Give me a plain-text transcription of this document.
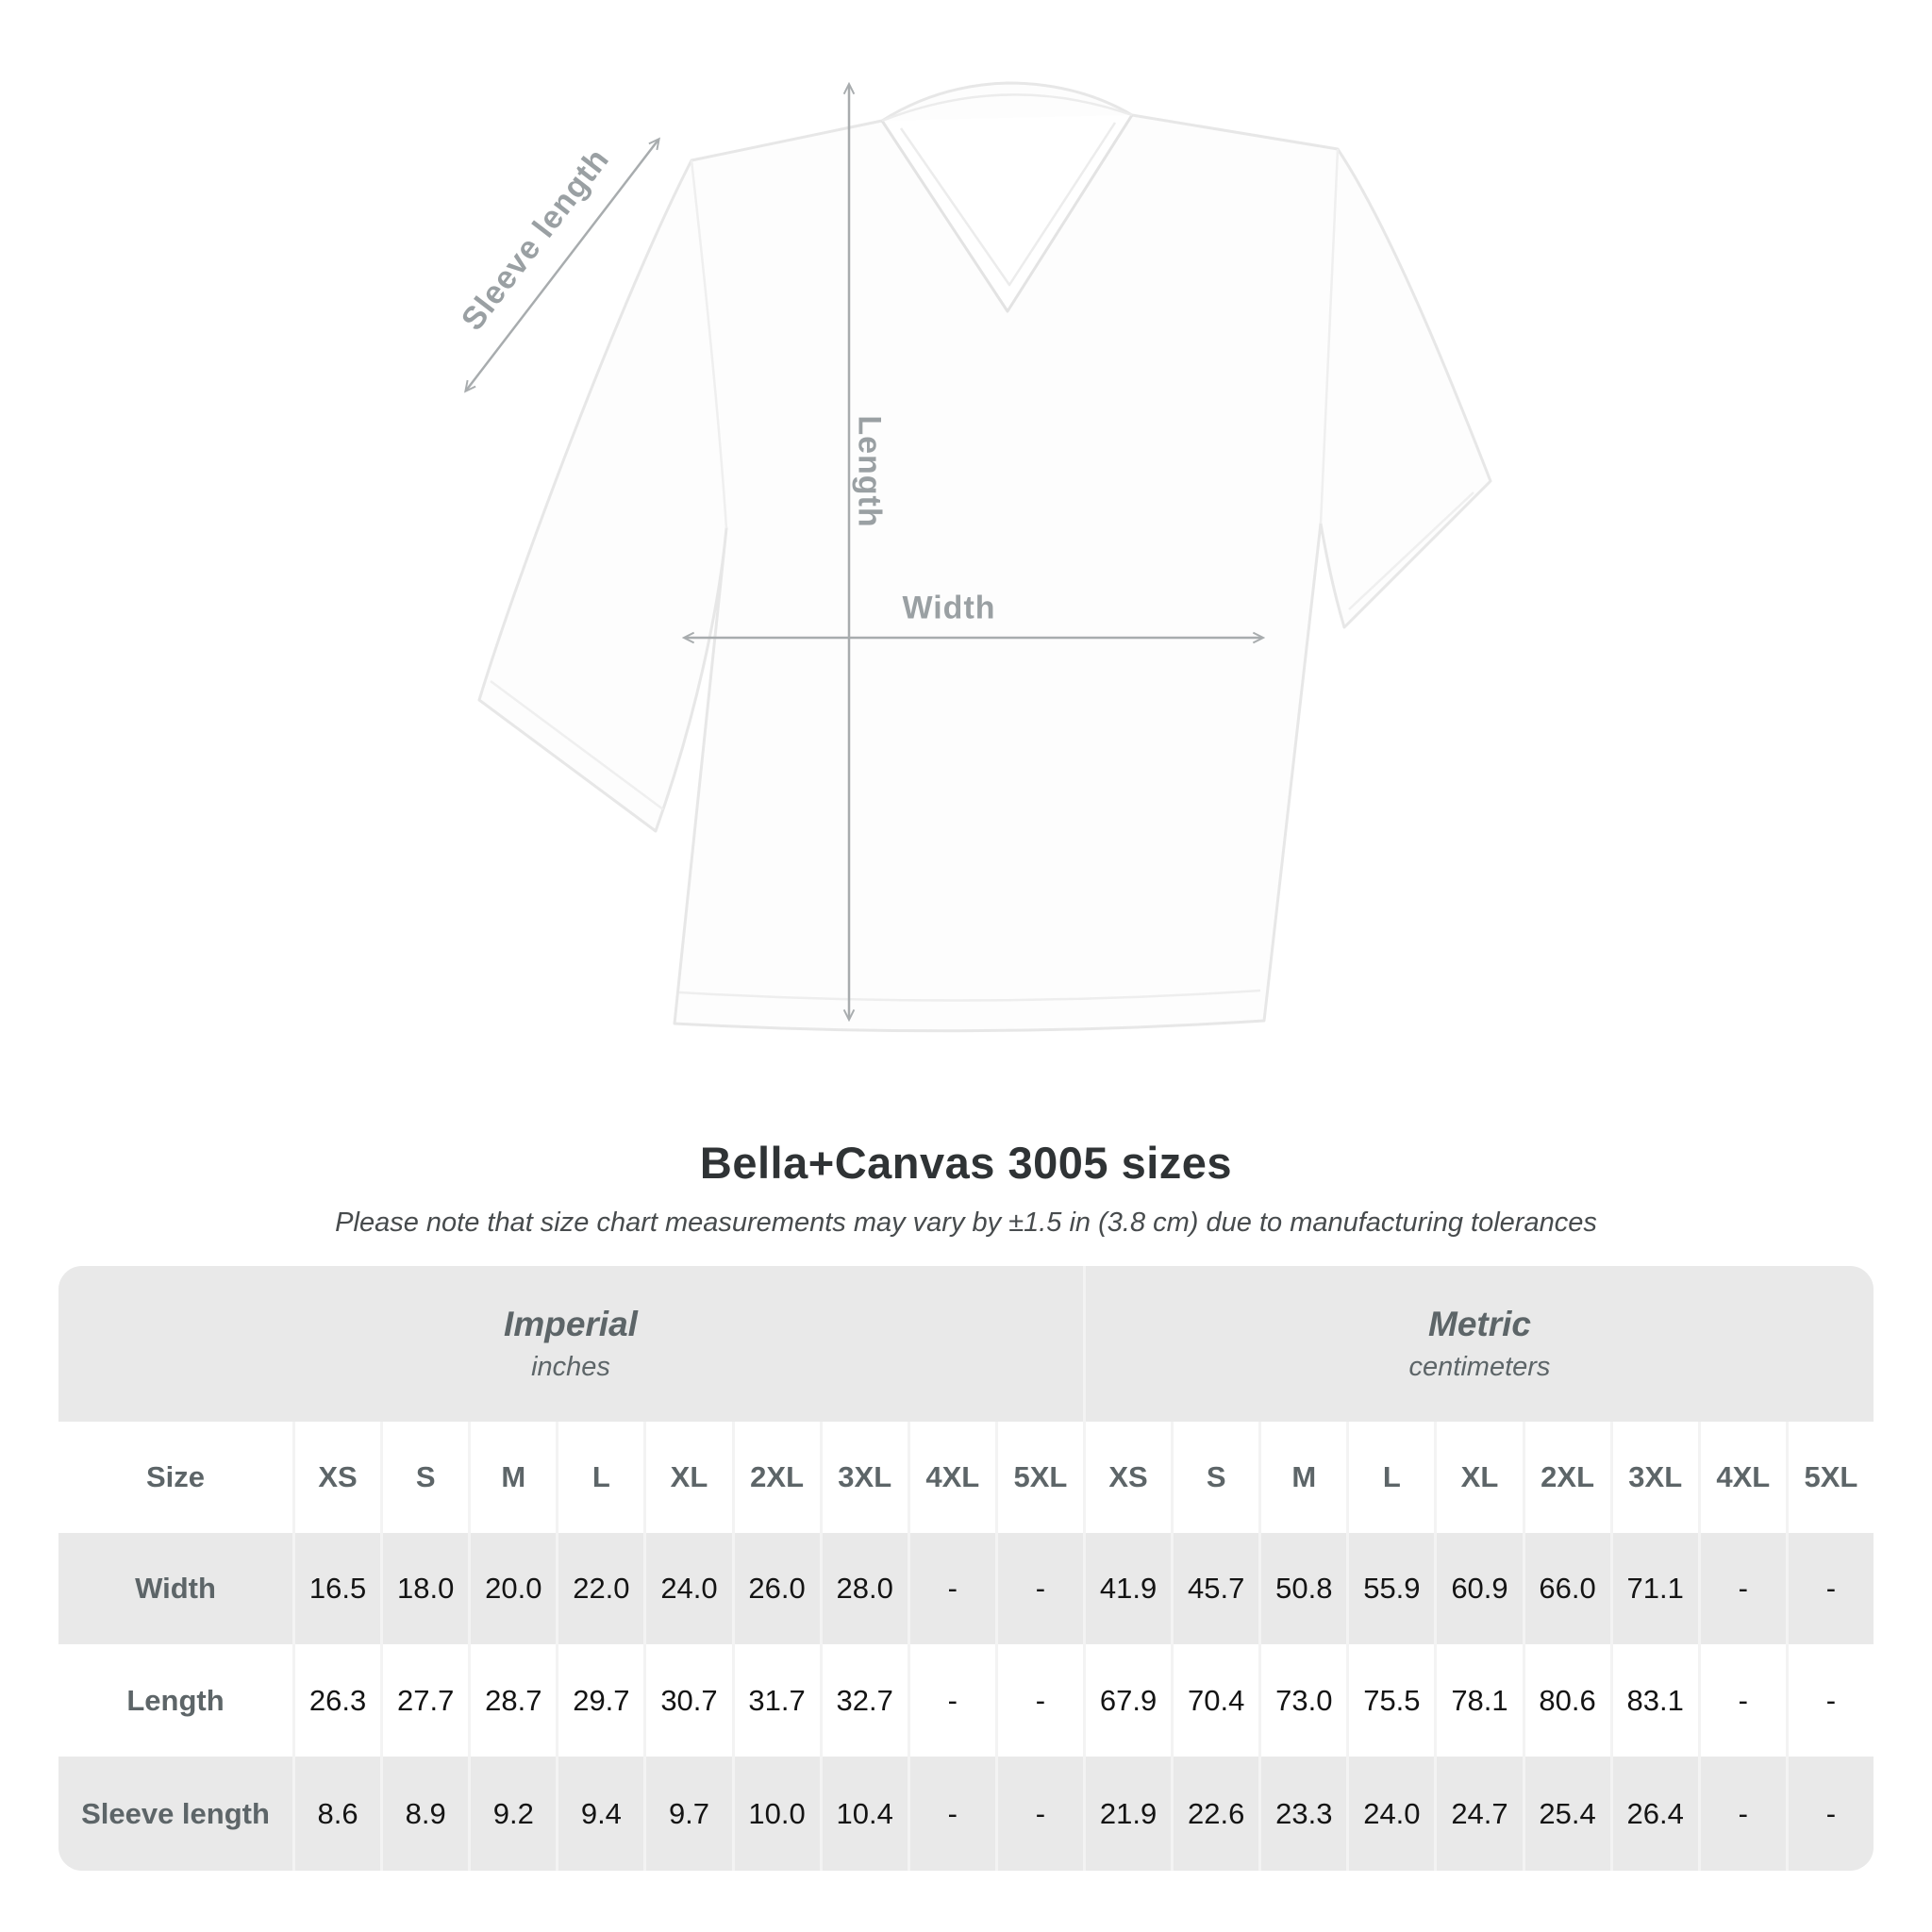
Sleeve length
Length
Width
Bella+Canvas 3005 sizes
Please note that size chart measurements may vary by ±1.5 in (3.8 cm) due to manufacturing tolerances
Imperial
inches
Metric
centimeters
Size	XS	S	M	L	XL	2XL	3XL	4XL	5XL	XS	S	M	L	XL	2XL	3XL	4XL	5XL
Width	16.5	18.0	20.0	22.0	24.0	26.0	28.0	-	-	41.9	45.7	50.8	55.9	60.9	66.0	71.1	-	-
Length	26.3	27.7	28.7	29.7	30.7	31.7	32.7	-	-	67.9	70.4	73.0	75.5	78.1	80.6	83.1	-	-
Sleeve length	8.6	8.9	9.2	9.4	9.7	10.0	10.4	-	-	21.9	22.6	23.3	24.0	24.7	25.4	26.4	-	-
